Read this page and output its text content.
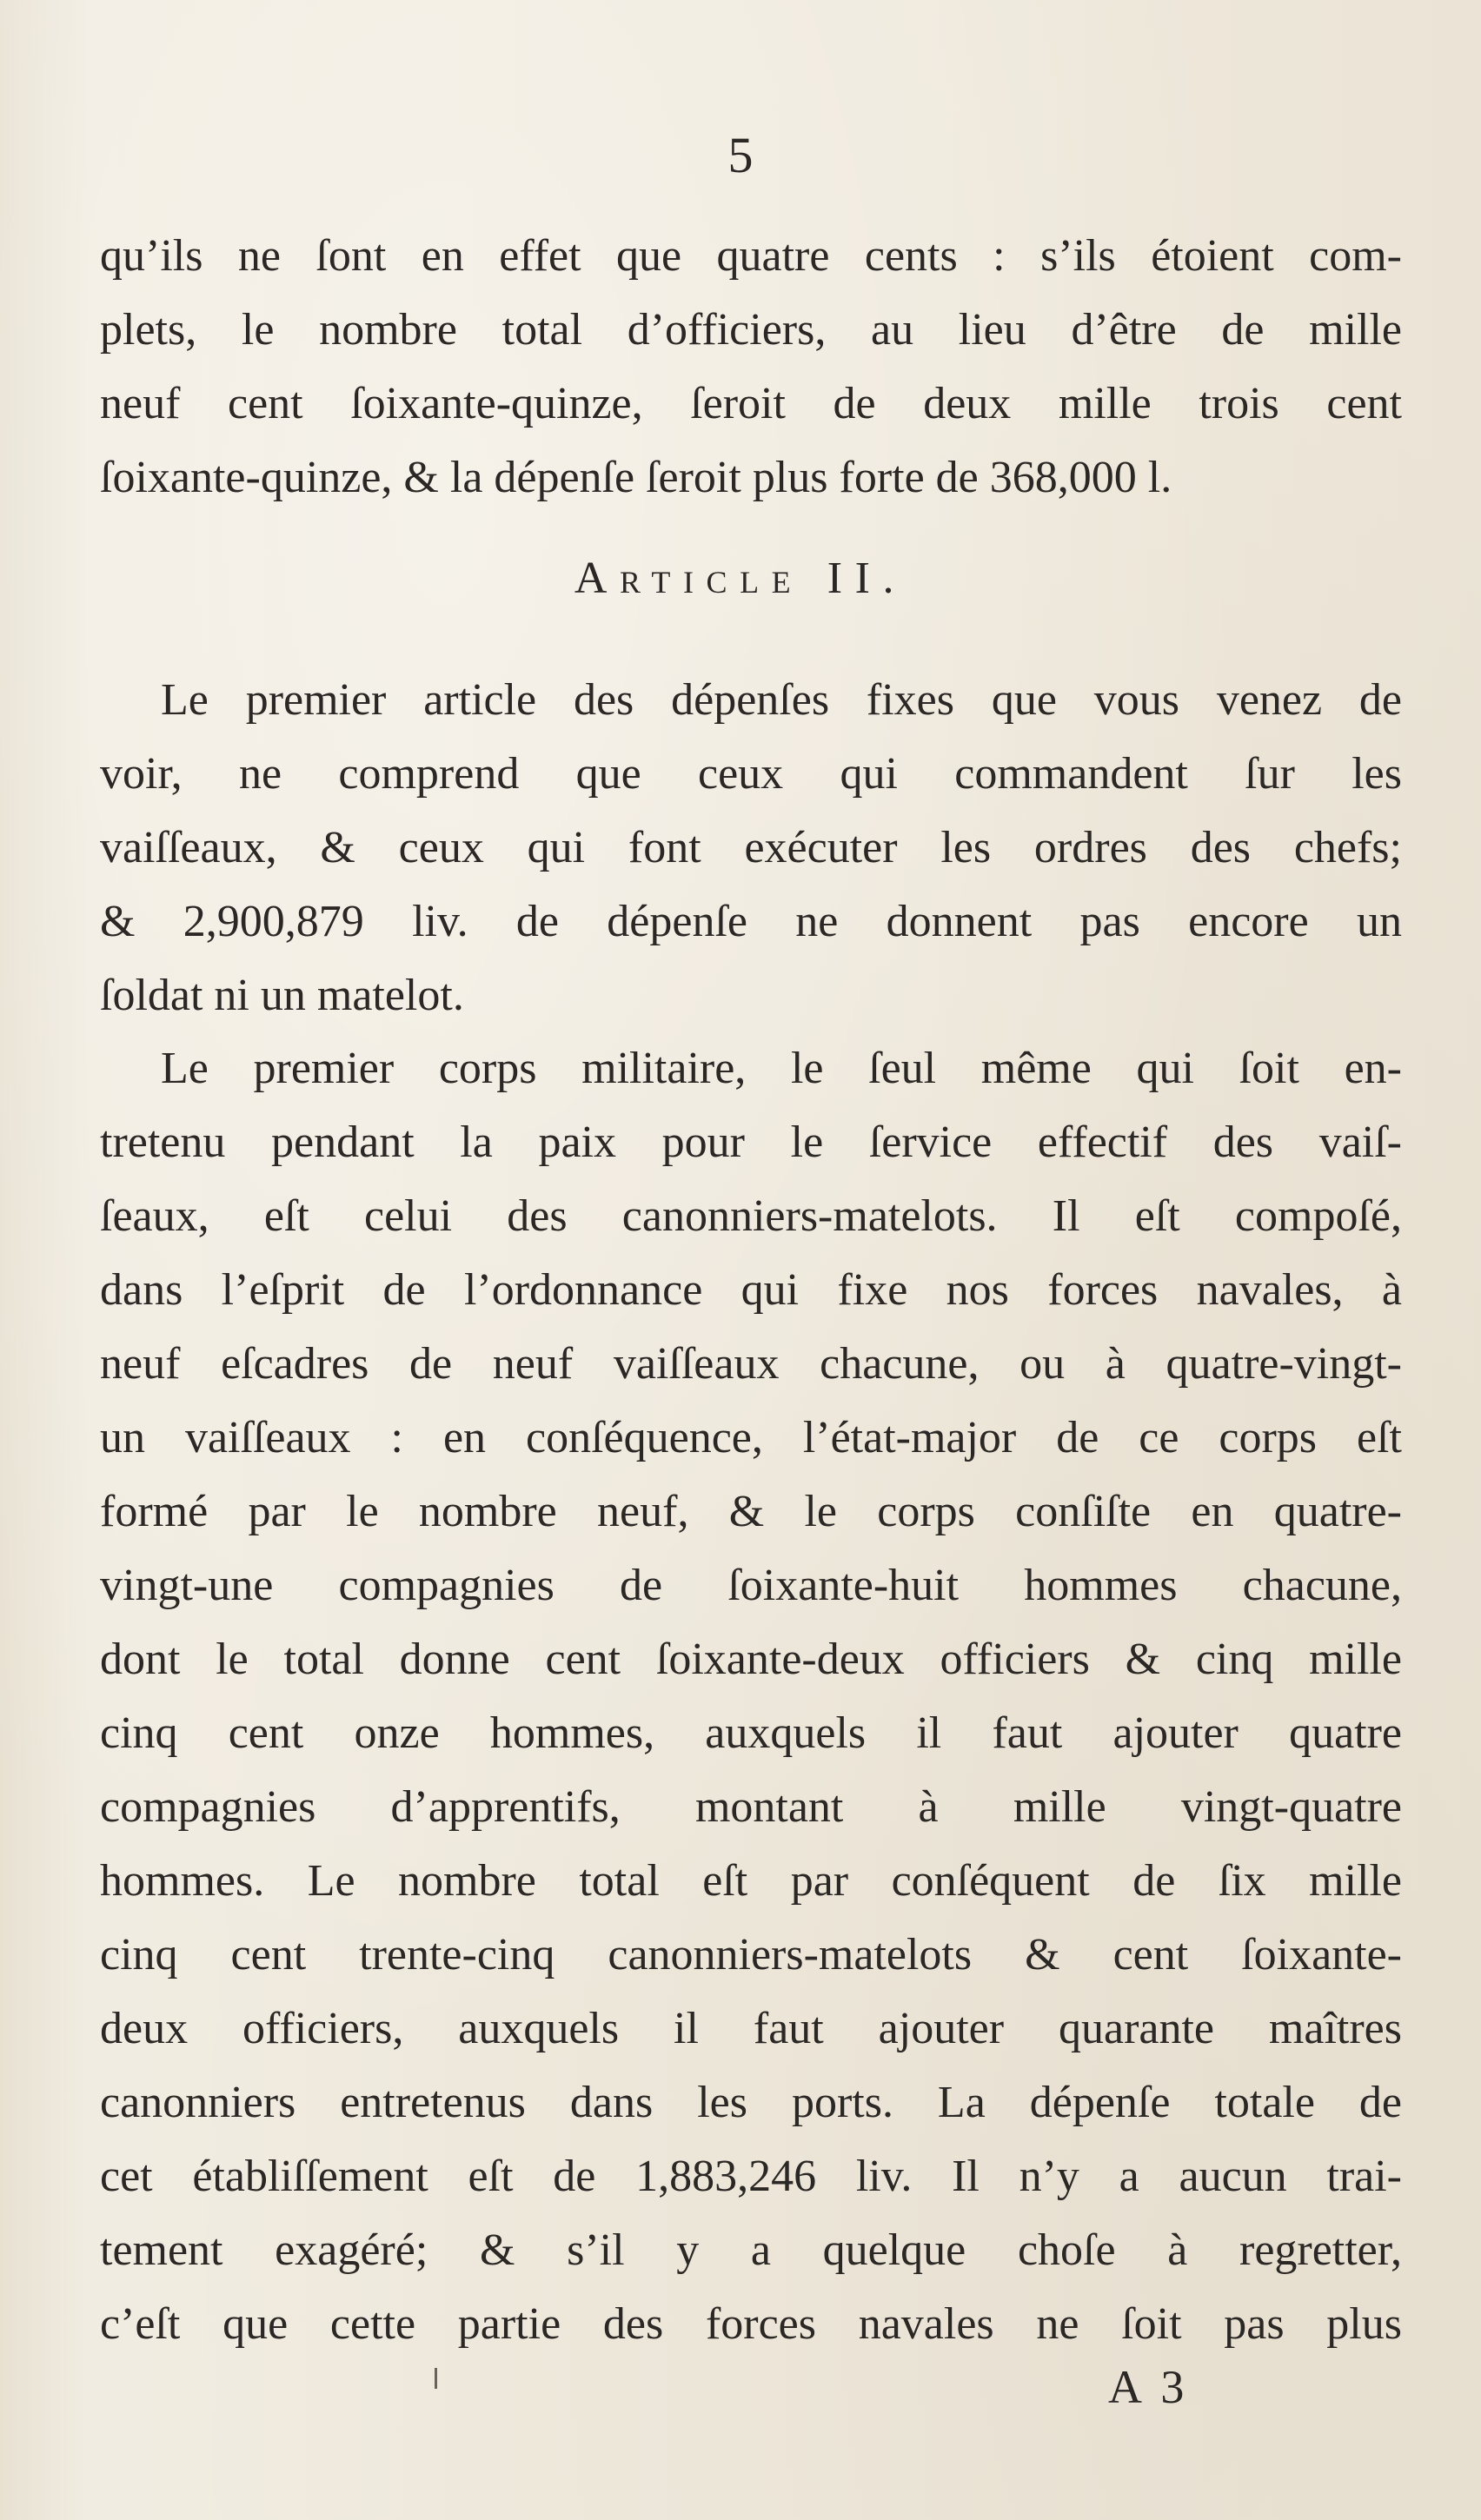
5
qu’ils ne ſont en effet que quatre cents : s’ils étoient com-
plets, le nombre total d’officiers, au lieu d’être de mille
neuf cent ſoixante-quinze, ſeroit de deux mille trois cent
ſoixante-quinze, & la dépenſe ſeroit plus forte de 368,000 l.
Article II.
Le premier article des dépenſes fixes que vous venez de
voir, ne comprend que ceux qui commandent ſur les
vaiſſeaux, & ceux qui font exécuter les ordres des chefs;
& 2,900,879 liv. de dépenſe ne donnent pas encore un
ſoldat ni un matelot.
Le premier corps militaire, le ſeul même qui ſoit en-
tretenu pendant la paix pour le ſervice effectif des vaiſ-
ſeaux, eſt celui des canonniers-matelots. Il eſt compoſé,
dans l’eſprit de l’ordonnance qui fixe nos forces navales, à
neuf eſcadres de neuf vaiſſeaux chacune, ou à quatre-vingt-
un vaiſſeaux : en conſéquence, l’état-major de ce corps eſt
formé par le nombre neuf, & le corps conſiſte en quatre-
vingt-une compagnies de ſoixante-huit hommes chacune,
dont le total donne cent ſoixante-deux officiers & cinq mille
cinq cent onze hommes, auxquels il faut ajouter quatre
compagnies d’apprentifs, montant à mille vingt-quatre
hommes. Le nombre total eſt par conſéquent de ſix mille
cinq cent trente-cinq canonniers-matelots & cent ſoixante-
deux officiers, auxquels il faut ajouter quarante maîtres
canonniers entretenus dans les ports. La dépenſe totale de
cet établiſſement eſt de 1,883,246 liv. Il n’y a aucun trai-
tement exagéré; & s’il y a quelque choſe à regretter,
c’eſt que cette partie des forces navales ne ſoit pas plus
A 3
